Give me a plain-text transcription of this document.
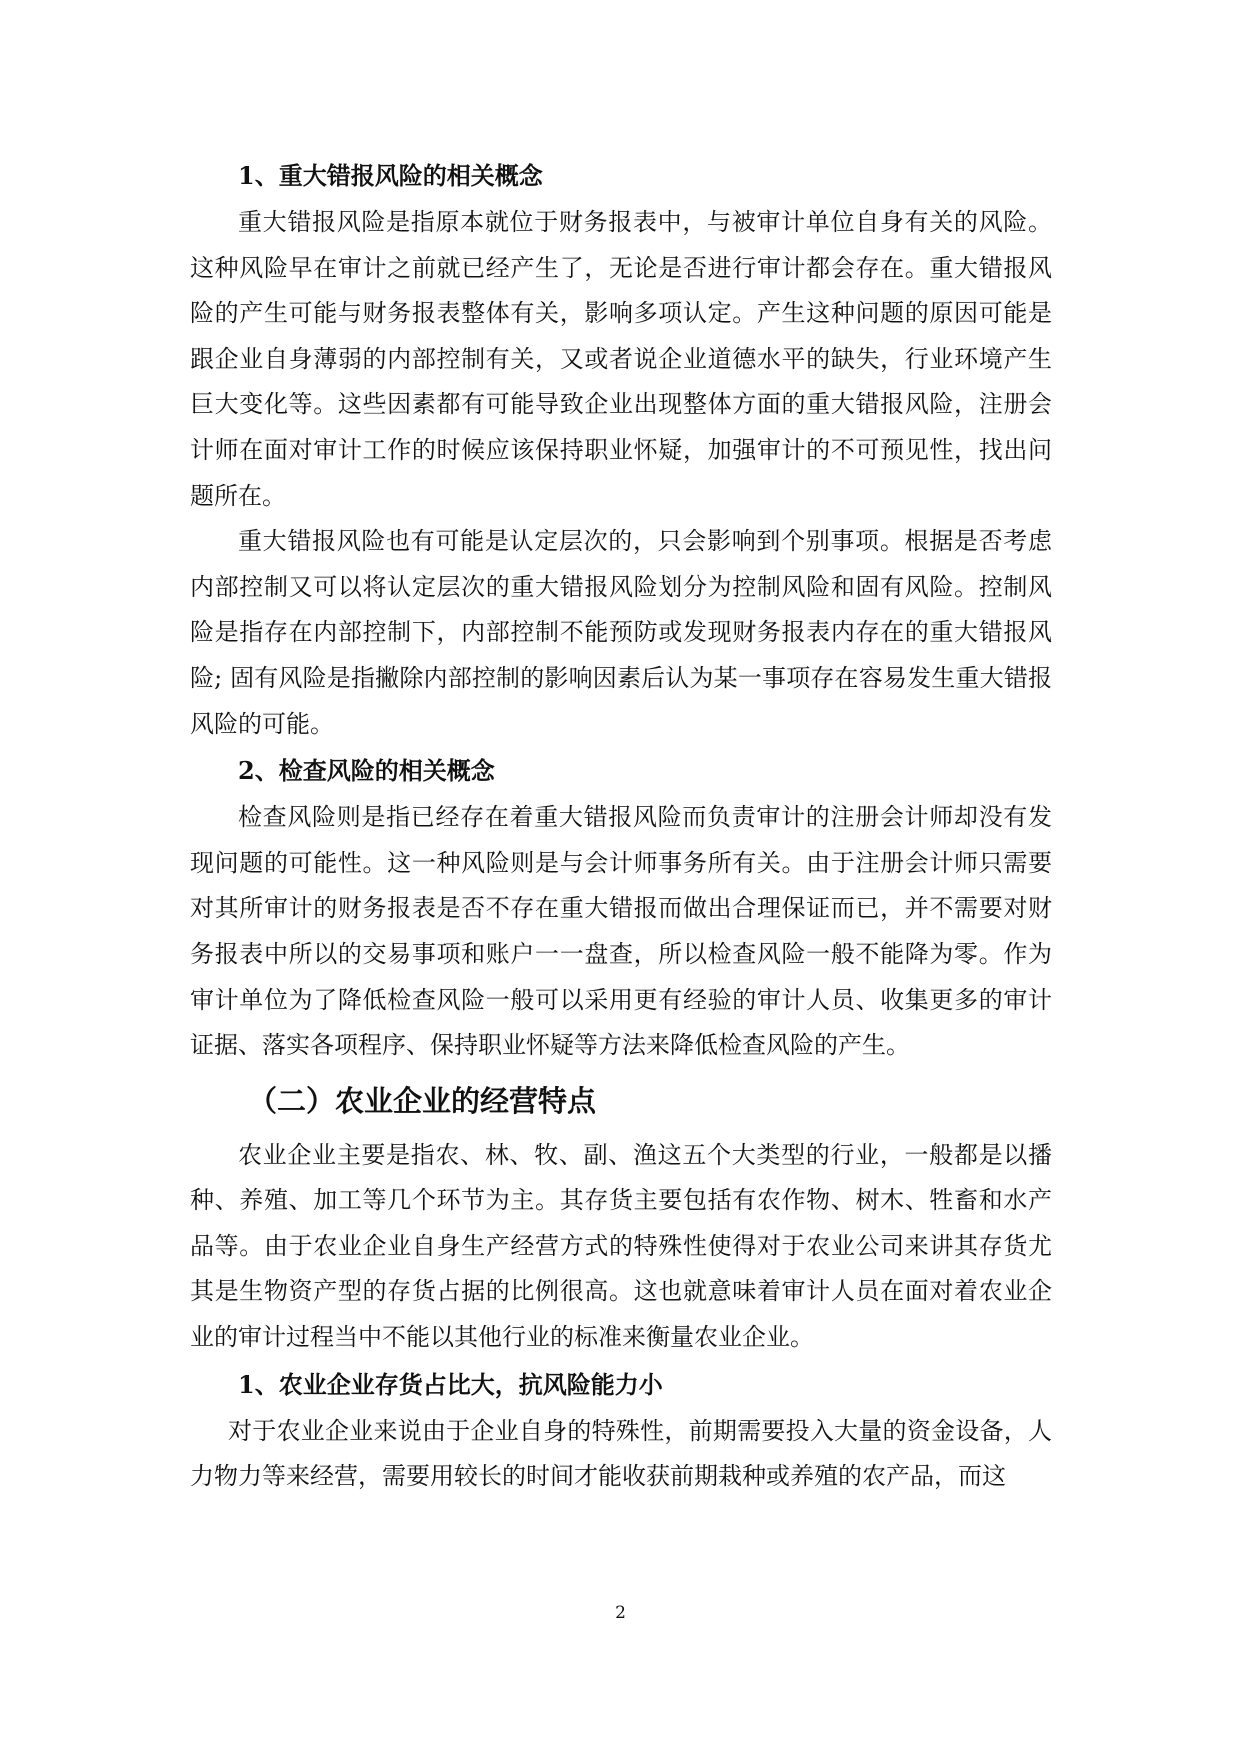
1、重大错报风险的相关概念

重大错报风险是指原本就位于财务报表中，与被审计单位自身有关的风险。这种风险早在审计之前就已经产生了，无论是否进行审计都会存在。重大错报风险的产生可能与财务报表整体有关，影响多项认定。产生这种问题的原因可能是跟企业自身薄弱的内部控制有关，又或者说企业道德水平的缺失，行业环境产生巨大变化等。这些因素都有可能导致企业出现整体方面的重大错报风险，注册会计师在面对审计工作的时候应该保持职业怀疑，加强审计的不可预见性，找出问题所在。

重大错报风险也有可能是认定层次的，只会影响到个别事项。根据是否考虑内部控制又可以将认定层次的重大错报风险划分为控制风险和固有风险。控制风险是指存在内部控制下，内部控制不能预防或发现财务报表内存在的重大错报风险; 固有风险是指撇除内部控制的影响因素后认为某一事项存在容易发生重大错报风险的可能。

2、检查风险的相关概念

检查风险则是指已经存在着重大错报风险而负责审计的注册会计师却没有发现问题的可能性。这一种风险则是与会计师事务所有关。由于注册会计师只需要对其所审计的财务报表是否不存在重大错报而做出合理保证而已，并不需要对财务报表中所以的交易事项和账户一一盘查，所以检查风险一般不能降为零。作为审计单位为了降低检查风险一般可以采用更有经验的审计人员、收集更多的审计证据、落实各项程序、保持职业怀疑等方法来降低检查风险的产生。

（二）农业企业的经营特点

农业企业主要是指农、林、牧、副、渔这五个大类型的行业，一般都是以播种、养殖、加工等几个环节为主。其存货主要包括有农作物、树木、牲畜和水产品等。由于农业企业自身生产经营方式的特殊性使得对于农业公司来讲其存货尤其是生物资产型的存货占据的比例很高。这也就意味着审计人员在面对着农业企业的审计过程当中不能以其他行业的标准来衡量农业企业。

1、农业企业存货占比大，抗风险能力小

对于农业企业来说由于企业自身的特殊性，前期需要投入大量的资金设备，人力物力等来经营，需要用较长的时间才能收获前期栽种或养殖的农产品，而这

2
